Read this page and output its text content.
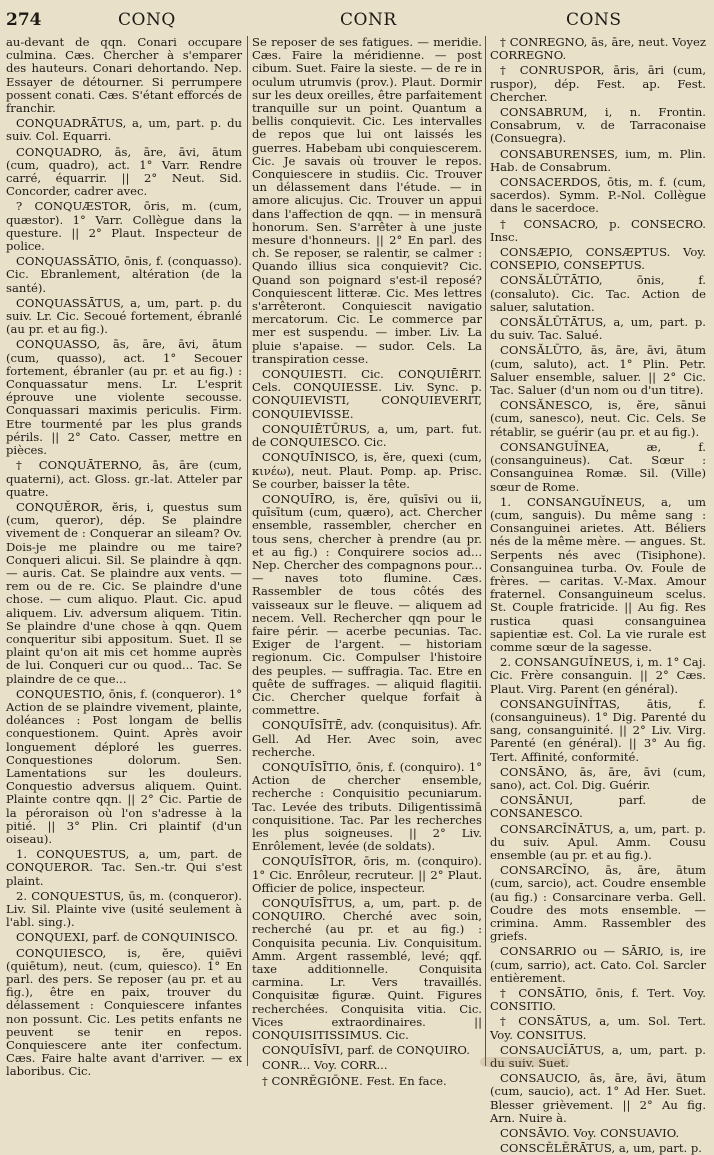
274	CONQ	CONR	CONS
au-devant de qqn. Conari occupare culmina. Cæs. Chercher à s'emparer des hauteurs. Conari dehortando. Nep. Essayer de détourner. Si perrumpere possent conati. Cæs. S'étant efforcés de franchir.
CONQUADRĀTUS, a, um, part. p. du suiv. Col. Equarri.
CONQUADRO, ās, āre, āvi, ātum (cum, quadro), act. 1° Varr. Rendre carré, équarrir. || 2° Neut. Sid. Concorder, cadrer avec.
? CONQUÆSTOR, ōris, m. (cum, quæstor). 1° Varr. Collègue dans la questure. || 2° Plaut. Inspecteur de police.
CONQUASSĀTIO, ōnis, f. (conquasso). Cic. Ebranlement, altération (de la santé).
CONQUASSĀTUS, a, um, part. p. du suiv. Lr. Cic. Secoué fortement, ébranlé (au pr. et au fig.).
CONQUASSO, ās, āre, āvi, ātum (cum, quasso), act. 1° Secouer fortement, ébranler (au pr. et au fig.) : Conquassatur mens. Lr. L'esprit éprouve une violente secousse. Conquassari maximis periculis. Firm. Etre tourmenté par les plus grands périls. || 2° Cato. Casser, mettre en pièces.
† CONQUĀTERNO, ās, āre (cum, quaterni), act. Gloss. gr.-lat. Atteler par quatre.
CONQUĔROR, ĕris, i, questus sum (cum, queror), dép. Se plaindre vivement de : Conquerar an sileam? Ov. Dois-je me plaindre ou me taire? Conqueri alicui. Sil. Se plaindre à qqn. — auris. Cat. Se plaindre aux vents. —rem ou de re. Cic. Se plaindre d'une chose. — cum aliquo. Plaut. Cic. apud aliquem. Liv. adversum aliquem. Titin. Se plaindre d'une chose à qqn. Quem conqueritur sibi appositum. Suet. Il se plaint qu'on ait mis cet homme auprès de lui. Conqueri cur ou quod... Tac. Se plaindre de ce que...
CONQUESTIO, ōnis, f. (conqueror). 1° Action de se plaindre vivement, plainte, doléances : Post longam de bellis conquestionem. Quint. Après avoir longuement déploré les guerres. Conquestiones dolorum. Sen. Lamentations sur les douleurs. Conquestio adversus aliquem. Quint. Plainte contre qqn. || 2° Cic. Partie de la péroraison où l'on s'adresse à la pitié. || 3° Plin. Cri plaintif (d'un oiseau).
1. CONQUESTUS, a, um, part. de CONQUEROR. Tac. Sen.-tr. Qui s'est plaint.
2. CONQUESTUS, ūs, m. (conqueror). Liv. Sil. Plainte vive (usité seulement à l'abl. sing.).
CONQUEXI, parf. de CONQUINISCO.
CONQUIESCO, is, ĕre, quiēvi (quiētum), neut. (cum, quiesco). 1° En parl. des pers. Se reposer (au pr. et au fig.), être en paix, trouver du délassement : Conquiescere infantes non possunt. Cic. Les petits enfants ne peuvent se tenir en repos. Conquiescere ante iter confectum. Cæs. Faire halte avant d'arriver. — ex laboribus. Cic.
Se reposer de ses fatigues. — meridie. Cæs. Faire la méridienne. — post cibum. Suet. Faire la sieste. — de re in oculum utrumvis (prov.). Plaut. Dormir sur les deux oreilles, être parfaitement tranquille sur un point. Quantum a bellis conquievit. Cic. Les intervalles de repos que lui ont laissés les guerres. Habebam ubi conquiescerem. Cic. Je savais où trouver le repos. Conquiescere in studiis. Cic. Trouver un délassement dans l'étude. — in amore alicujus. Cic. Trouver un appui dans l'affection de qqn. — in mensurā honorum. Sen. S'arrêter à une juste mesure d'honneurs. || 2° En parl. des ch. Se reposer, se ralentir, se calmer : Quando illius sica conquievit? Cic. Quand son poignard s'est-il reposé? Conquiescent litteræ. Cic. Mes lettres s'arrêteront. Conquiescit navigatio mercatorum. Cic. Le commerce par mer est suspendu. — imber. Liv. La pluie s'apaise. — sudor. Cels. La transpiration cesse.
CONQUIESTI. Cic. CONQUIĒRIT. Cels. CONQUIESSE. Liv. Sync. p. CONQUIEVISTI, CONQUIEVERIT, CONQUIEVISSE.
CONQUIĒTŪRUS, a, um, part. fut. de CONQUIESCO. Cic.
CONQUĪNISCO, is, ĕre, quexi (cum, κινέω), neut. Plaut. Pomp. ap. Prisc. Se courber, baisser la tête.
CONQUĪRO, is, ĕre, quīsīvi ou ii, quīsītum (cum, quæro), act. Chercher ensemble, rassembler, chercher en tous sens, chercher à prendre (au pr. et au fig.) : Conquirere socios ad... Nep. Chercher des compagnons pour... — naves toto flumine. Cæs. Rassembler de tous côtés des vaisseaux sur le fleuve. — aliquem ad necem. Vell. Rechercher qqn pour le faire périr. — acerbe pecunias. Tac. Exiger de l'argent. — historiam regionum. Cic. Compulser l'histoire des peuples. — suffragia. Tac. Etre en quête de suffrages. — aliquid flagitii. Cic. Chercher quelque forfait à commettre.
CONQUĪSĪTĒ, adv. (conquisitus). Afr. Gell. Ad Her. Avec soin, avec recherche.
CONQUĪSĪTIO, ōnis, f. (conquiro). 1° Action de chercher ensemble, recherche : Conquisitio pecuniarum. Tac. Levée des tributs. Diligentissimā conquisitione. Tac. Par les recherches les plus soigneuses. || 2° Liv. Enrôlement, levée (de soldats).
CONQUĪSĪTOR, ōris, m. (conquiro). 1° Cic. Enrôleur, recruteur. || 2° Plaut. Officier de police, inspecteur.
CONQUĪSĪTUS, a, um, part. p. de CONQUIRO. Cherché avec soin, recherché (au pr. et au fig.) : Conquisita pecunia. Liv. Conquisitum. Amm. Argent rassemblé, levé; qqf. taxe additionnelle. Conquisita carmina. Lr. Vers travaillés. Conquisitæ figuræ. Quint. Figures recherchées. Conquisita vitia. Cic. Vices extraordinaires. || CONQUISITISSIMUS. Cic.
CONQUĪSĪVI, parf. de CONQUIRO.
CONR... Voy. CORR...
† CONRĔGIŌNE. Fest. En face.
† CONREGNO, ās, āre, neut. Voyez CORREGNO.
† CONRUSPOR, āris, āri (cum, ruspor), dép. Fest. ap. Fest. Chercher.
CONSABRUM, i, n. Frontin. Consabrum, v. de Tarraconaise (Consuegra).
CONSABURENSES, ium, m. Plin. Hab. de Consabrum.
CONSACERDOS, ōtis, m. f. (cum, sacerdos). Symm. P.-Nol. Collègue dans le sacerdoce.
† CONSACRO, p. CONSECRO. Insc.
CONSÆPIO, CONSÆPTUS. Voy. CONSEPIO, CONSEPTUS.
CONSĂLŪTĀTIO, ōnis, f. (consaluto). Cic. Tac. Action de saluer, salutation.
CONSĂLŪTĀTUS, a, um, part. p. du suiv. Tac. Salué.
CONSĂLŪTO, ās, āre, āvi, ātum (cum, saluto), act. 1° Plin. Petr. Saluer ensemble, saluer. || 2° Cic. Tac. Saluer (d'un nom ou d'un titre).
CONSĂNESCO, is, ĕre, sānui (cum, sanesco), neut. Cic. Cels. Se rétablir, se guérir (au pr. et au fig.).
CONSANGUĬNEA, æ, f. (consanguineus). Cat. Sœur : Consanguinea Romæ. Sil. (Ville) sœur de Rome.
1. CONSANGUĬNEUS, a, um (cum, sanguis). Du même sang : Consanguinei arietes. Att. Béliers nés de la même mère. — angues. St. Serpents nés avec (Tisiphone). Consanguinea turba. Ov. Foule de frères. — caritas. V.-Max. Amour fraternel. Consanguineum scelus. St. Couple fratricide. || Au fig. Res rustica quasi consanguinea sapientiæ est. Col. La vie rurale est comme sœur de la sagesse.
2. CONSANGUĬNEUS, i, m. 1° Caj. Cic. Frère consanguin. || 2° Cæs. Plaut. Virg. Parent (en général).
CONSANGUĬNĬTAS, ātis, f. (consanguineus). 1° Dig. Parenté du sang, consanguinité. || 2° Liv. Virg. Parenté (en général). || 3° Au fig. Tert. Affinité, conformité.
CONSĀNO, ās, āre, āvi (cum, sano), act. Col. Dig. Guérir.
CONSĀNUI, parf. de CONSANESCO.
CONSARCĬNĀTUS, a, um, part. p. du suiv. Apul. Amm. Cousu ensemble (au pr. et au fig.).
CONSARCĬNO, ās, āre, ātum (cum, sarcio), act. Coudre ensemble (au fig.) : Consarcinare verba. Gell. Coudre des mots ensemble. — crimina. Amm. Rassembler des griefs.
CONSARRIO ou — SĀRIO, is, ire (cum, sarrio), act. Cato. Col. Sarcler entièrement.
† CONSĀTIO, ōnis, f. Tert. Voy. CONSITIO.
† CONSĀTUS, a, um. Sol. Tert. Voy. CONSITUS.
CONSAUCĬĀTUS, a, um, part. p. du suiv. Suet.
CONSAUCIO, ās, āre, āvi, ātum (cum, saucio), act. 1° Ad Her. Suet. Blesser grièvement. || 2° Au fig. Arn. Nuire à.
CONSĀVIO. Voy. CONSUAVIO.
CONSCĔLĔRĀTUS, a, um, part. p.
